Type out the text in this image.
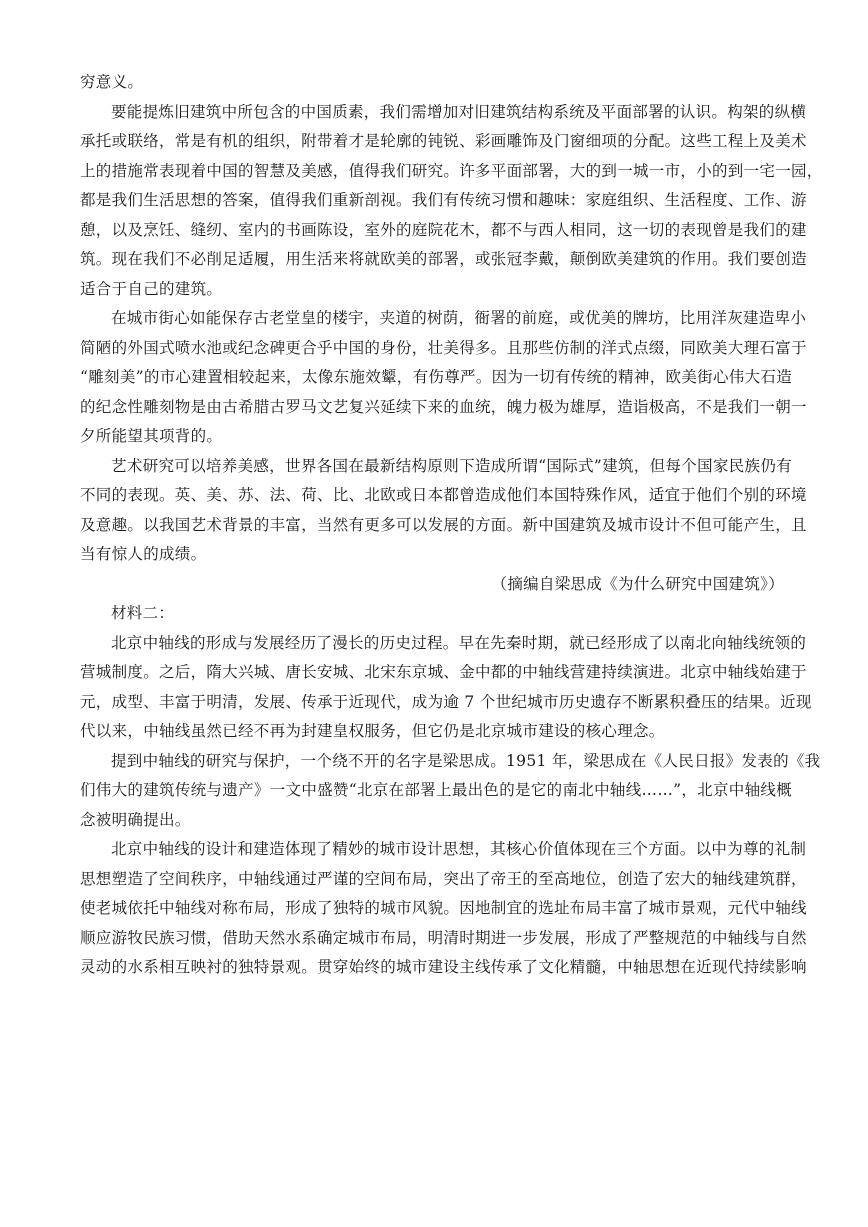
穷意义。
要能提炼旧建筑中所包含的中国质素，我们需增加对旧建筑结构系统及平面部署的认识。构架的纵横
承托或联络，常是有机的组织，附带着才是轮廓的钝锐、彩画雕饰及门窗细项的分配。这些工程上及美术
上的措施常表现着中国的智慧及美感，值得我们研究。许多平面部署，大的到一城一市，小的到一宅一园，
都是我们生活思想的答案，值得我们重新剖视。我们有传统习惯和趣味：家庭组织、生活程度、工作、游
憩，以及烹饪、缝纫、室内的书画陈设，室外的庭院花木，都不与西人相同，这一切的表现曾是我们的建
筑。现在我们不必削足适履，用生活来将就欧美的部署，或张冠李戴，颠倒欧美建筑的作用。我们要创造
适合于自己的建筑。
在城市街心如能保存古老堂皇的楼宇，夹道的树荫，衙署的前庭，或优美的牌坊，比用洋灰建造卑小
简陋的外国式喷水池或纪念碑更合乎中国的身份，壮美得多。且那些仿制的洋式点缀，同欧美大理石富于
“雕刻美”的市心建置相较起来，太像东施效颦，有伤尊严。因为一切有传统的精神，欧美街心伟大石造
的纪念性雕刻物是由古希腊古罗马文艺复兴延续下来的血统，魄力极为雄厚，造诣极高，不是我们一朝一
夕所能望其项背的。
艺术研究可以培养美感，世界各国在最新结构原则下造成所谓“国际式”建筑，但每个国家民族仍有
不同的表现。英、美、苏、法、荷、比、北欧或日本都曾造成他们本国特殊作风，适宜于他们个别的环境
及意趣。以我国艺术背景的丰富，当然有更多可以发展的方面。新中国建筑及城市设计不但可能产生，且
当有惊人的成绩。
（摘编自梁思成《为什么研究中国建筑》）
材料二：
北京中轴线的形成与发展经历了漫长的历史过程。早在先秦时期，就已经形成了以南北向轴线统领的
营城制度。之后，隋大兴城、唐长安城、北宋东京城、金中都的中轴线营建持续演进。北京中轴线始建于
元，成型、丰富于明清，发展、传承于近现代，成为逾 7 个世纪城市历史遗存不断累积叠压的结果。近现
代以来，中轴线虽然已经不再为封建皇权服务，但它仍是北京城市建设的核心理念。
提到中轴线的研究与保护，一个绕不开的名字是梁思成。1951 年，梁思成在《人民日报》发表的《我
们伟大的建筑传统与遗产》一文中盛赞“北京在部署上最出色的是它的南北中轴线……”，北京中轴线概
念被明确提出。
北京中轴线的设计和建造体现了精妙的城市设计思想，其核心价值体现在三个方面。以中为尊的礼制
思想塑造了空间秩序，中轴线通过严谨的空间布局，突出了帝王的至高地位，创造了宏大的轴线建筑群，
使老城依托中轴线对称布局，形成了独特的城市风貌。因地制宜的选址布局丰富了城市景观，元代中轴线
顺应游牧民族习惯，借助天然水系确定城市布局，明清时期进一步发展，形成了严整规范的中轴线与自然
灵动的水系相互映衬的独特景观。贯穿始终的城市建设主线传承了文化精髓，中轴思想在近现代持续影响
